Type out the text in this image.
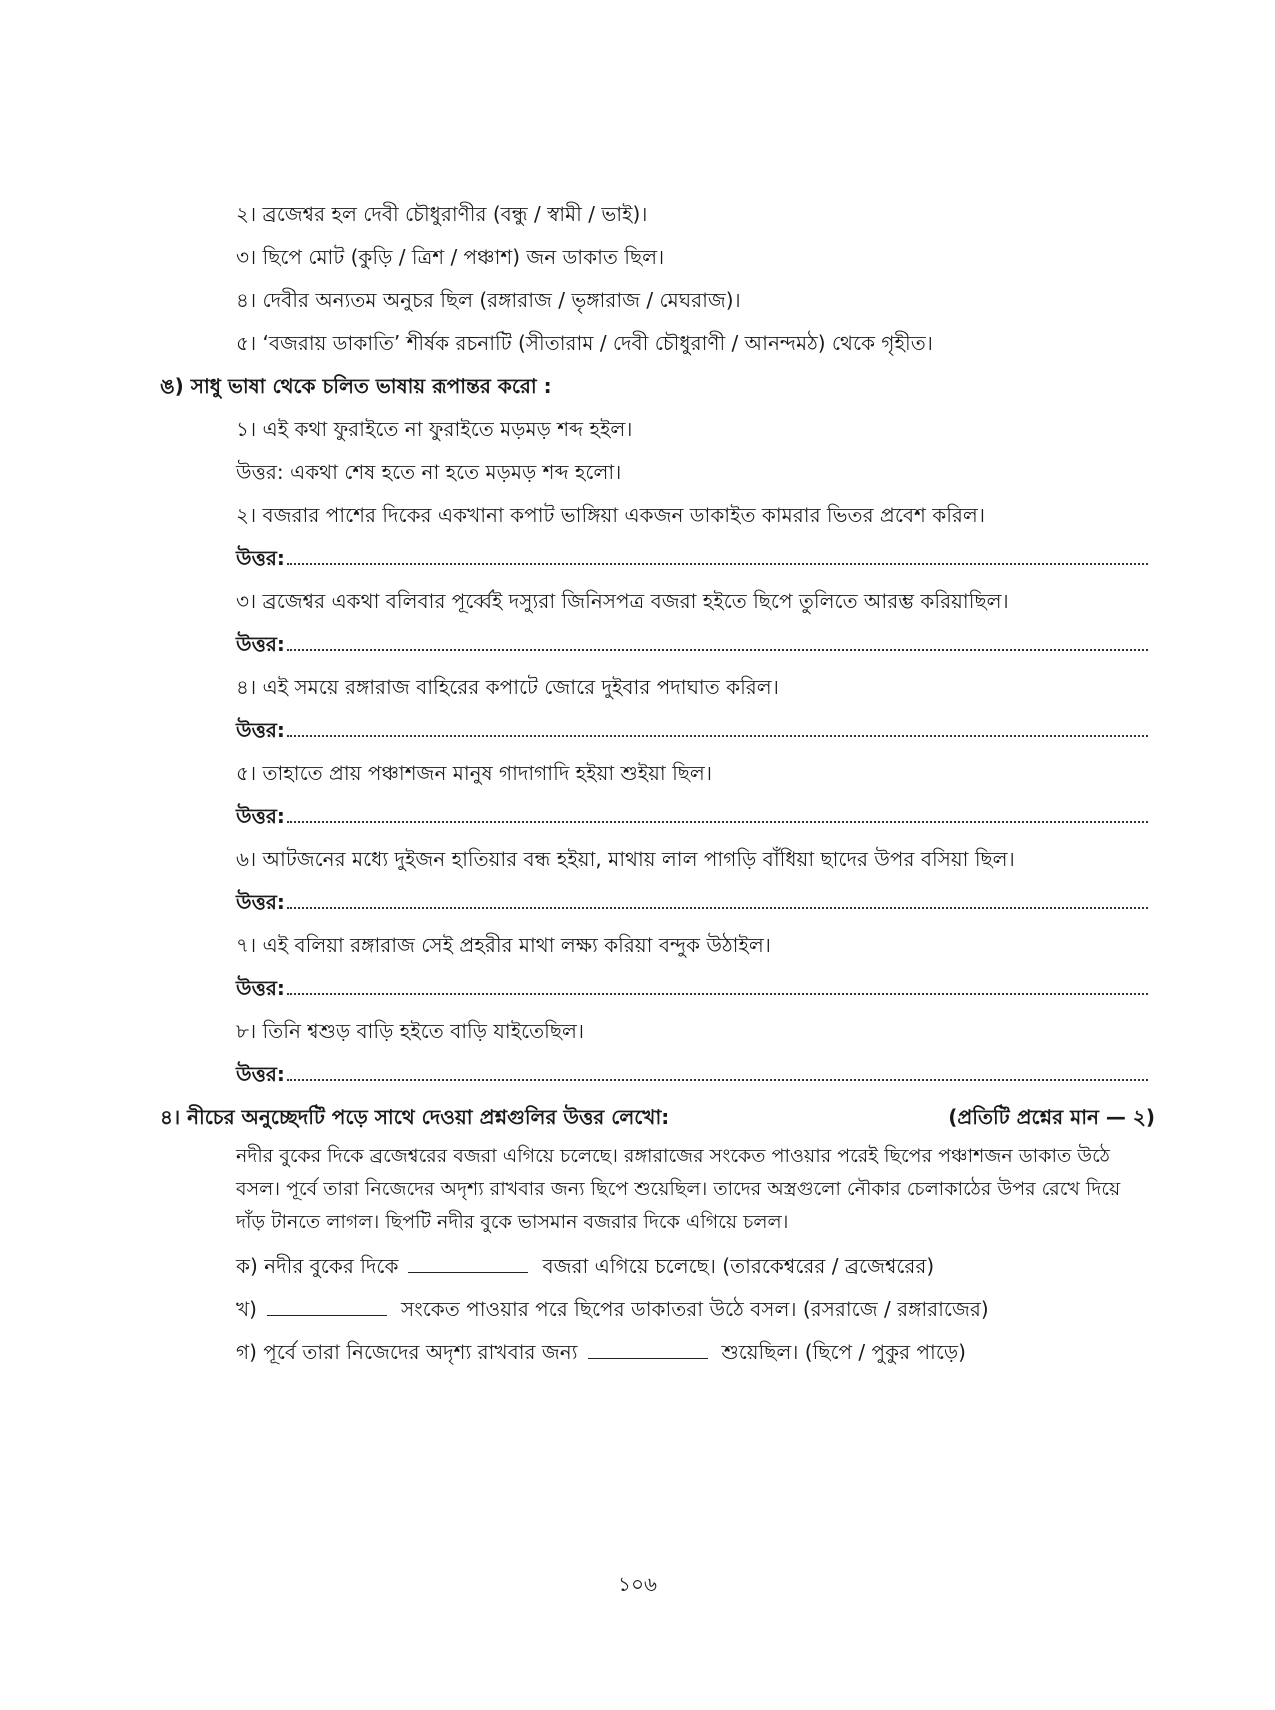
২। ব্রজেশ্বর হল দেবী চৌধুরাণীর (বন্ধু / স্বামী / ভাই)।
৩। ছিপে মোট (কুড়ি / ত্রিশ / পঞ্চাশ) জন ডাকাত ছিল।
৪। দেবীর অন্যতম অনুচর ছিল (রঙ্গারাজ / ভৃঙ্গারাজ / মেঘরাজ)।
৫। ‘বজরায় ডাকাতি’ শীর্ষক রচনাটি (সীতারাম / দেবী চৌধুরাণী / আনন্দমঠ) থেকে গৃহীত।
ঙ) সাধু ভাষা থেকে চলিত ভাষায় রূপান্তর করো :
১। এই কথা ফুরাইতে না ফুরাইতে মড়মড় শব্দ হইল।
উত্তর: একথা শেষ হতে না হতে মড়মড় শব্দ হলো।
২। বজরার পাশের দিকের একখানা কপাট ভাঙ্গিয়া একজন ডাকাইত কামরার ভিতর প্রবেশ করিল।
উত্তর:
৩। ব্রজেশ্বর একথা বলিবার পূর্ব্বেই দস্যুরা জিনিসপত্র বজরা হইতে ছিপে তুলিতে আরম্ভ করিয়াছিল।
উত্তর:
৪। এই সময়ে রঙ্গারাজ বাহিরের কপাটে জোরে দুইবার পদাঘাত করিল।
উত্তর:
৫। তাহাতে প্রায় পঞ্চাশজন মানুষ গাদাগাদি হইয়া শুইয়া ছিল।
উত্তর:
৬। আটজনের মধ্যে দুইজন হাতিয়ার বন্ধ হইয়া, মাথায় লাল পাগড়ি বাঁধিয়া ছাদের উপর বসিয়া ছিল।
উত্তর:
৭। এই বলিয়া রঙ্গারাজ সেই প্রহরীর মাথা লক্ষ্য করিয়া বন্দুক উঠাইল।
উত্তর:
৮। তিনি শ্বশুড় বাড়ি হইতে বাড়ি যাইতেছিল।
উত্তর:
৪। নীচের অনুচ্ছেদটি পড়ে সাথে দেওয়া প্রশ্নগুলির উত্তর লেখো:	(প্রতিটি প্রশ্নের মান — ২)
নদীর বুকের দিকে ব্রজেশ্বরের বজরা এগিয়ে চলেছে। রঙ্গারাজের সংকেত পাওয়ার পরেই ছিপের পঞ্চাশজন ডাকাত উঠে
বসল। পূর্বে তারা নিজেদের অদৃশ্য রাখবার জন্য ছিপে শুয়েছিল। তাদের অস্ত্রগুলো নৌকার চেলাকাঠের উপর রেখে দিয়ে
দাঁড় টানতে লাগল। ছিপটি নদীর বুকে ভাসমান বজরার দিকে এগিয়ে চলল।
ক) নদীর বুকের দিকে	বজরা এগিয়ে চলেছে। (তারকেশ্বরের / ব্রজেশ্বরের)
খ)	সংকেত পাওয়ার পরে ছিপের ডাকাতরা উঠে বসল। (রসরাজে / রঙ্গারাজের)
গ) পূর্বে তারা নিজেদের অদৃশ্য রাখবার জন্য	শুয়েছিল। (ছিপে / পুকুর পাড়ে)
১০৬
